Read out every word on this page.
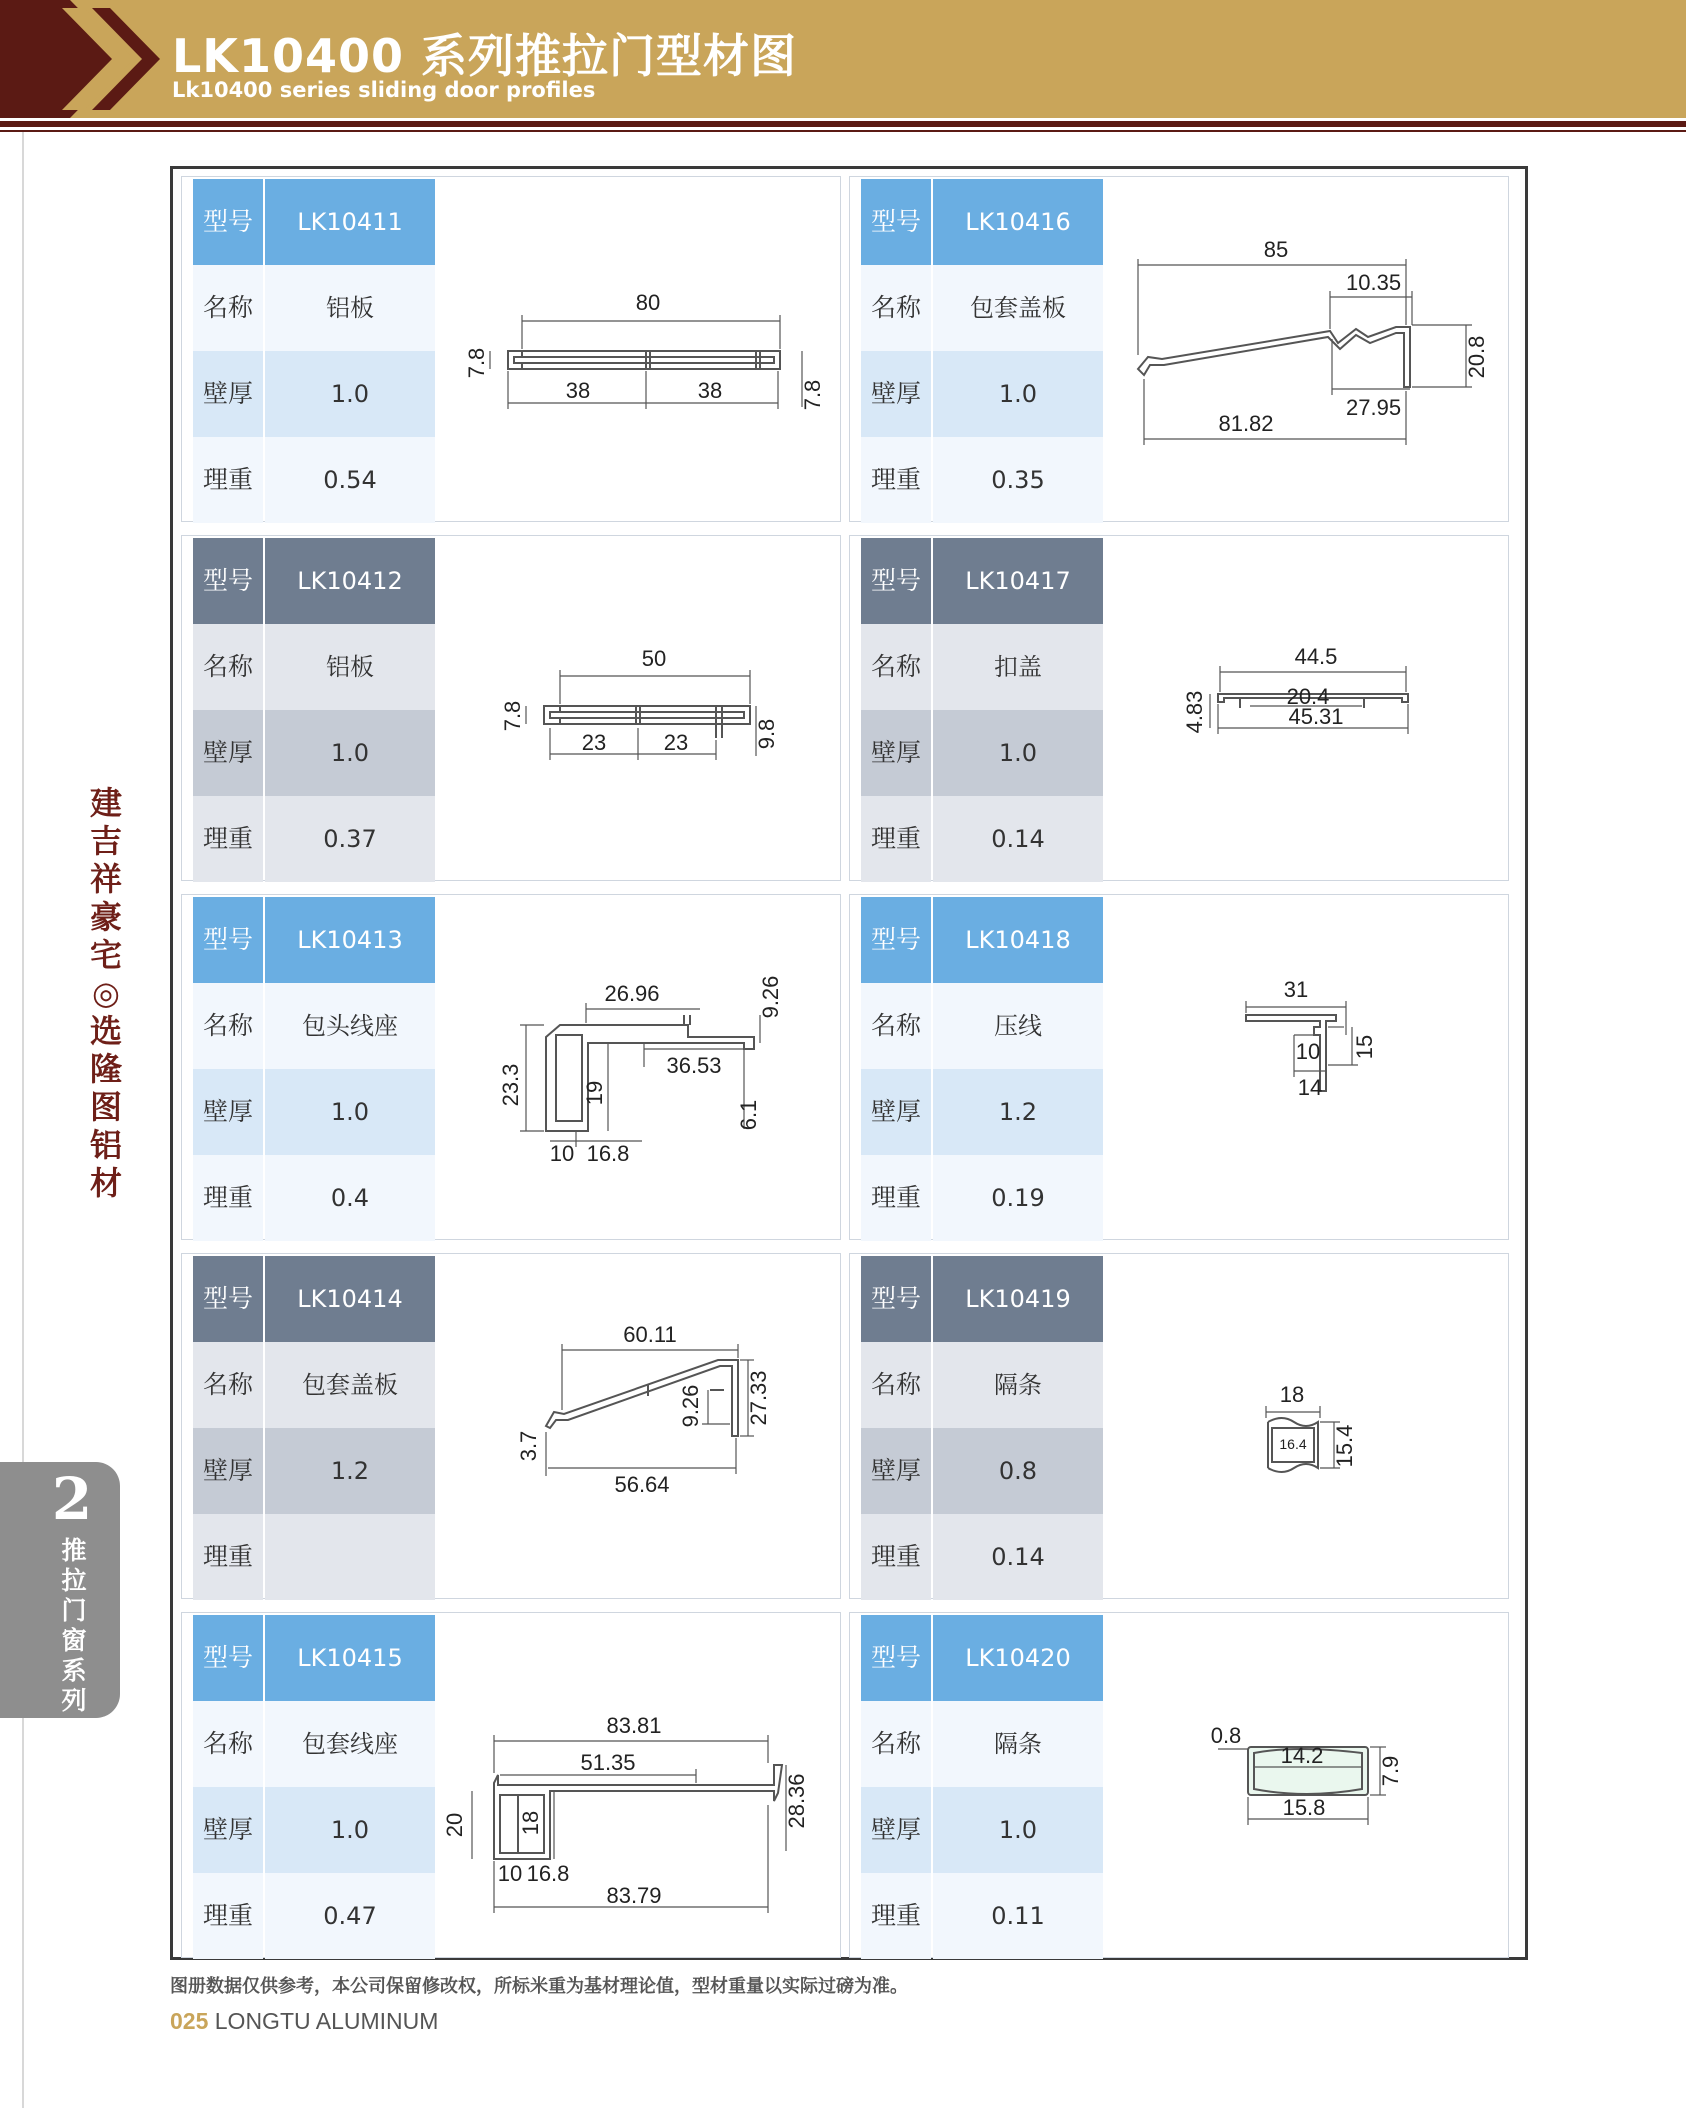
LK10400 系列推拉门型材图
Lk10400 series sliding door profiles
建吉祥豪宅◎选隆图铝材
2
推拉门窗系列
型号	LK10411
名称	铝板
壁厚	1.0
理重	0.54
80
7.8
38	38	7.8
型号	LK10416
名称	包套盖板
壁厚	1.0
理重	0.35
85
10.35
20.8
27.95
81.82
型号	LK10412
名称	铝板
壁厚	1.0
理重	0.37
50
7.8
23	23	9.8
型号	LK10417
名称	扣盖
壁厚	1.0
理重	0.14
44.5
4.83	20.4
45.31
型号	LK10413
名称	包头线座
壁厚	1.0
理重	0.4
26.96	9.26
23.3	36.53
19
6.1
10 16.8
型号	LK10418
名称	压线
壁厚	1.2
理重	0.19
31
10 15
14
型号	LK10414
名称	包套盖板
壁厚	1.2
理重
60.11
27.33
9.26
3.7
56.64
型号	LK10419
名称	隔条
壁厚	0.8
理重	0.14
18
16.4 15.4
型号	LK10415
名称	包套线座
壁厚	1.0
理重	0.47
83.81
51.35
28.36
20 18
10 16.8
83.79
型号	LK10420
名称	隔条
壁厚	1.0
理重	0.11
0.8
14.2
7.9
15.8
图册数据仅供参考，本公司保留修改权，所标米重为基材理论值，型材重量以实际过磅为准。
025 LONGTU ALUMINUM
